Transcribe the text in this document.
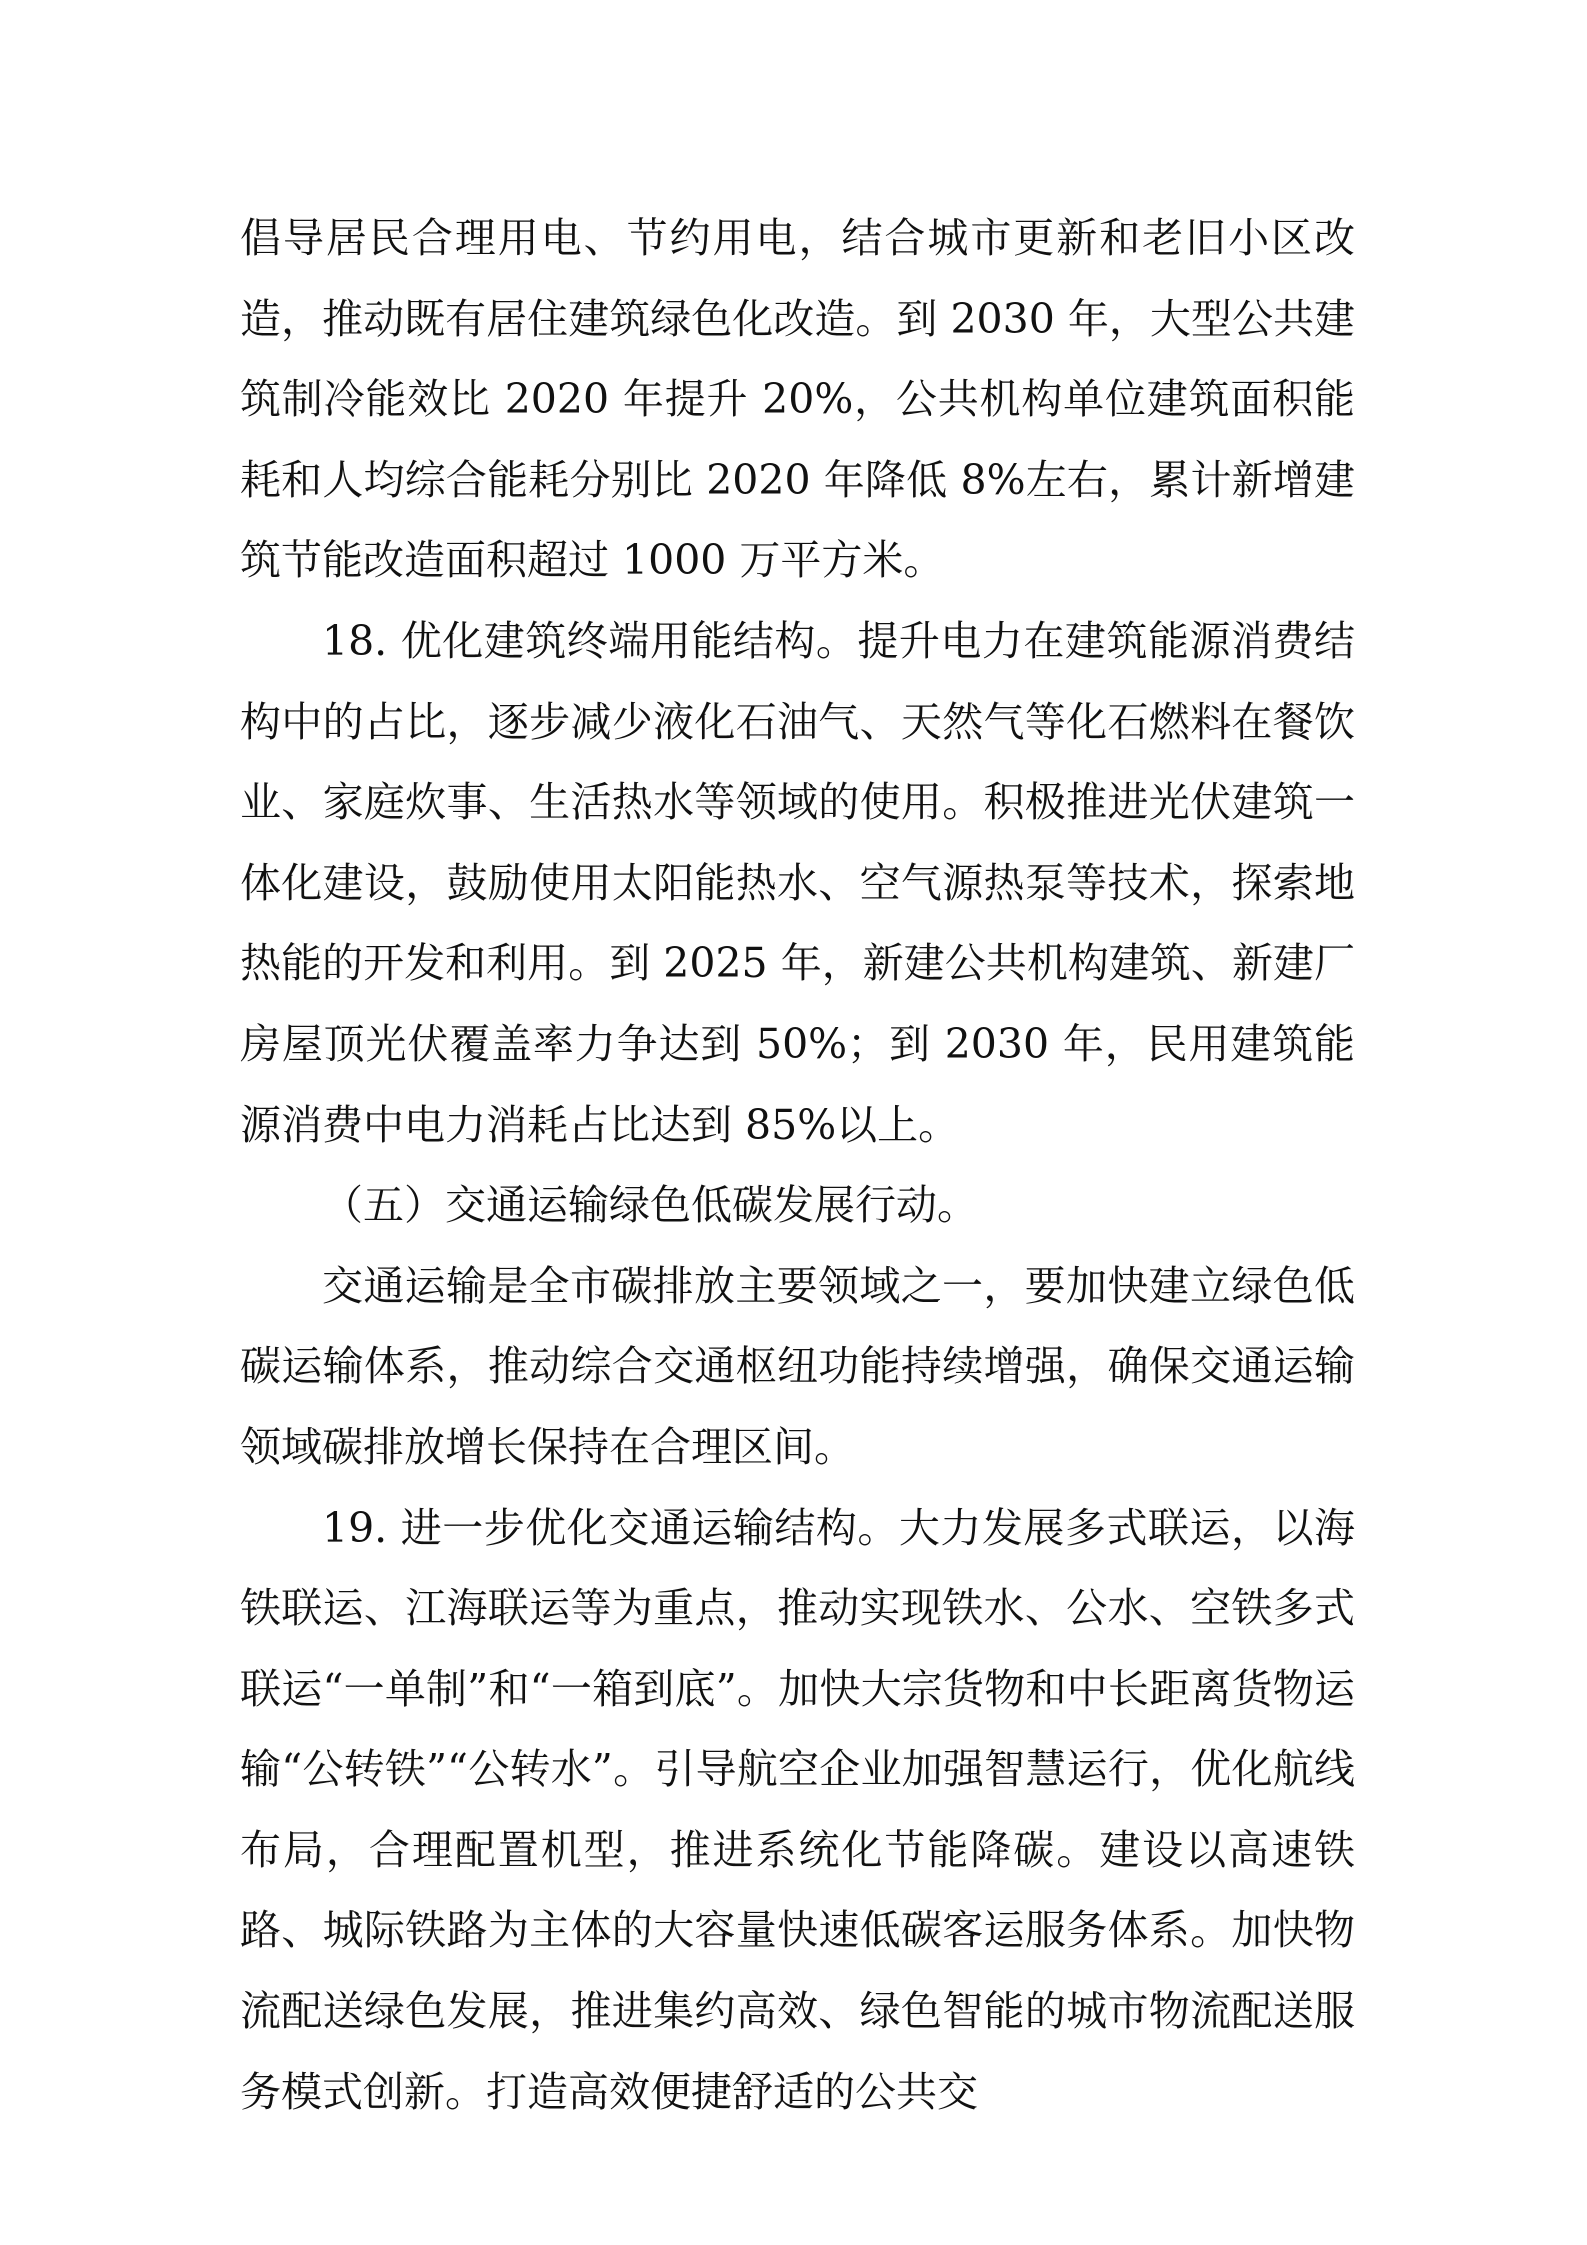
倡导居民合理用电、节约用电，结合城市更新和老旧小区改造，推动既有居住建筑绿色化改造。到 2030 年，大型公共建筑制冷能效比 2020 年提升 20%，公共机构单位建筑面积能耗和人均综合能耗分别比 2020 年降低 8%左右，累计新增建筑节能改造面积超过 1000 万平方米。

18. 优化建筑终端用能结构。提升电力在建筑能源消费结构中的占比，逐步减少液化石油气、天然气等化石燃料在餐饮业、家庭炊事、生活热水等领域的使用。积极推进光伏建筑一体化建设，鼓励使用太阳能热水、空气源热泵等技术，探索地热能的开发和利用。到 2025 年，新建公共机构建筑、新建厂房屋顶光伏覆盖率力争达到 50%；到 2030 年，民用建筑能源消费中电力消耗占比达到 85%以上。

（五）交通运输绿色低碳发展行动。

交通运输是全市碳排放主要领域之一，要加快建立绿色低碳运输体系，推动综合交通枢纽功能持续增强，确保交通运输领域碳排放增长保持在合理区间。

19. 进一步优化交通运输结构。大力发展多式联运，以海铁联运、江海联运等为重点，推动实现铁水、公水、空铁多式联运“一单制”和“一箱到底”。加快大宗货物和中长距离货物运输“公转铁”“公转水”。引导航空企业加强智慧运行，优化航线布局，合理配置机型，推进系统化节能降碳。建设以高速铁路、城际铁路为主体的大容量快速低碳客运服务体系。加快物流配送绿色发展，推进集约高效、绿色智能的城市物流配送服务模式创新。打造高效便捷舒适的公共交
